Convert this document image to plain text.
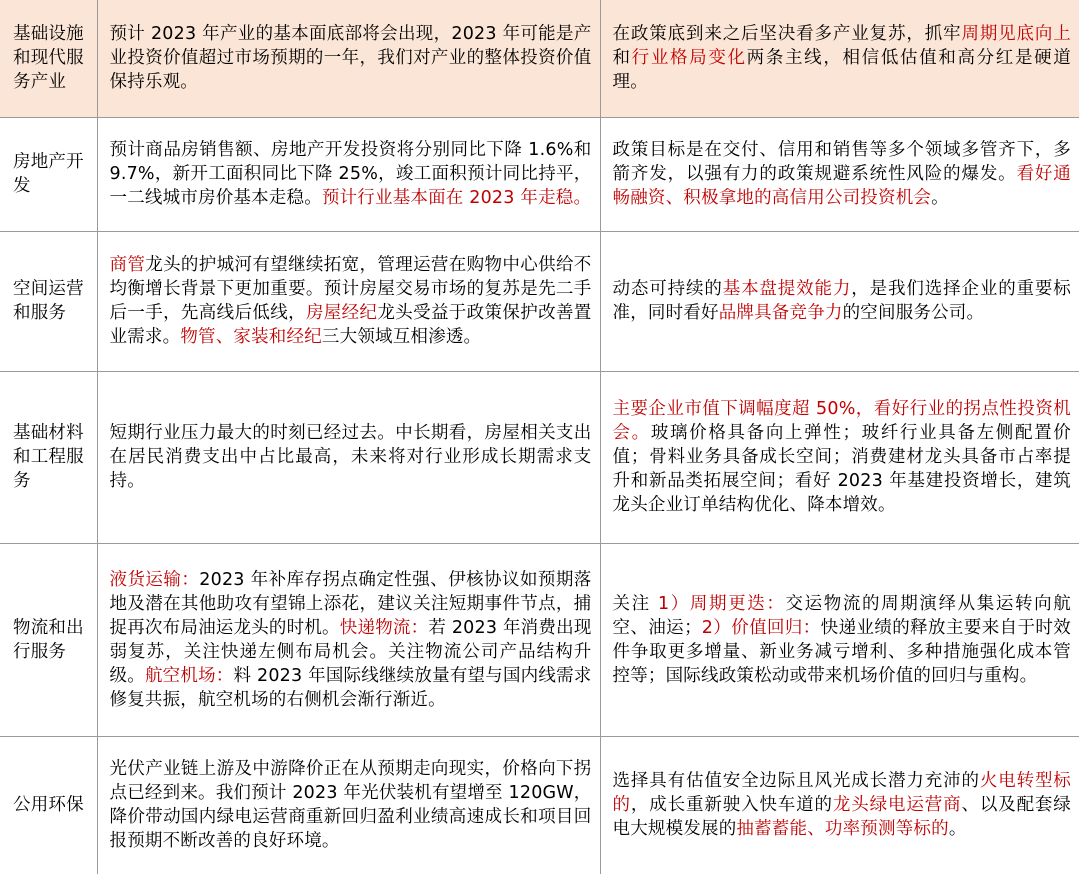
基础设施和现代服务产业	预计 2023 年产业的基本面底部将会出现，2023 年可能是产业投资价值超过市场预期的一年，我们对产业的整体投资价值保持乐观。	在政策底到来之后坚决看多产业复苏，抓牢周期见底向上和行业格局变化两条主线，相信低估值和高分红是硬道理。
房地产开发	预计商品房销售额、房地产开发投资将分别同比下降 1.6%和 9.7%，新开工面积同比下降 25%，竣工面积预计同比持平，一二线城市房价基本走稳。预计行业基本面在 2023 年走稳。	政策目标是在交付、信用和销售等多个领域多管齐下，多箭齐发，以强有力的政策规避系统性风险的爆发。看好通畅融资、积极拿地的高信用公司投资机会。
空间运营和服务	商管龙头的护城河有望继续拓宽，管理运营在购物中心供给不均衡增长背景下更加重要。预计房屋交易市场的复苏是先二手后一手，先高线后低线，房屋经纪龙头受益于政策保护改善置业需求。物管、家装和经纪三大领域互相渗透。	动态可持续的基本盘提效能力，是我们选择企业的重要标准，同时看好品牌具备竞争力的空间服务公司。
基础材料和工程服务	短期行业压力最大的时刻已经过去。中长期看，房屋相关支出在居民消费支出中占比最高，未来将对行业形成长期需求支持。	主要企业市值下调幅度超 50%，看好行业的拐点性投资机会。玻璃价格具备向上弹性；玻纤行业具备左侧配置价值；骨料业务具备成长空间；消费建材龙头具备市占率提升和新品类拓展空间；看好 2023 年基建投资增长，建筑龙头企业订单结构优化、降本增效。
物流和出行服务	液货运输：2023 年补库存拐点确定性强、伊核协议如预期落地及潜在其他助攻有望锦上添花，建议关注短期事件节点，捕捉再次布局油运龙头的时机。快递物流：若 2023 年消费出现弱复苏，关注快递左侧布局机会。关注物流公司产品结构升级。航空机场：料 2023 年国际线继续放量有望与国内线需求修复共振，航空机场的右侧机会渐行渐近。	关注 1）周期更迭：交运物流的周期演绎从集运转向航空、油运；2）价值回归：快递业绩的释放主要来自于时效件争取更多增量、新业务减亏增利、多种措施强化成本管控等；国际线政策松动或带来机场价值的回归与重构。
公用环保	光伏产业链上游及中游降价正在从预期走向现实，价格向下拐点已经到来。我们预计 2023 年光伏装机有望增至 120GW，降价带动国内绿电运营商重新回归盈利业绩高速成长和项目回报预期不断改善的良好环境。	选择具有估值安全边际且风光成长潜力充沛的火电转型标的，成长重新驶入快车道的龙头绿电运营商、以及配套绿电大规模发展的抽蓄蓄能、功率预测等标的。
